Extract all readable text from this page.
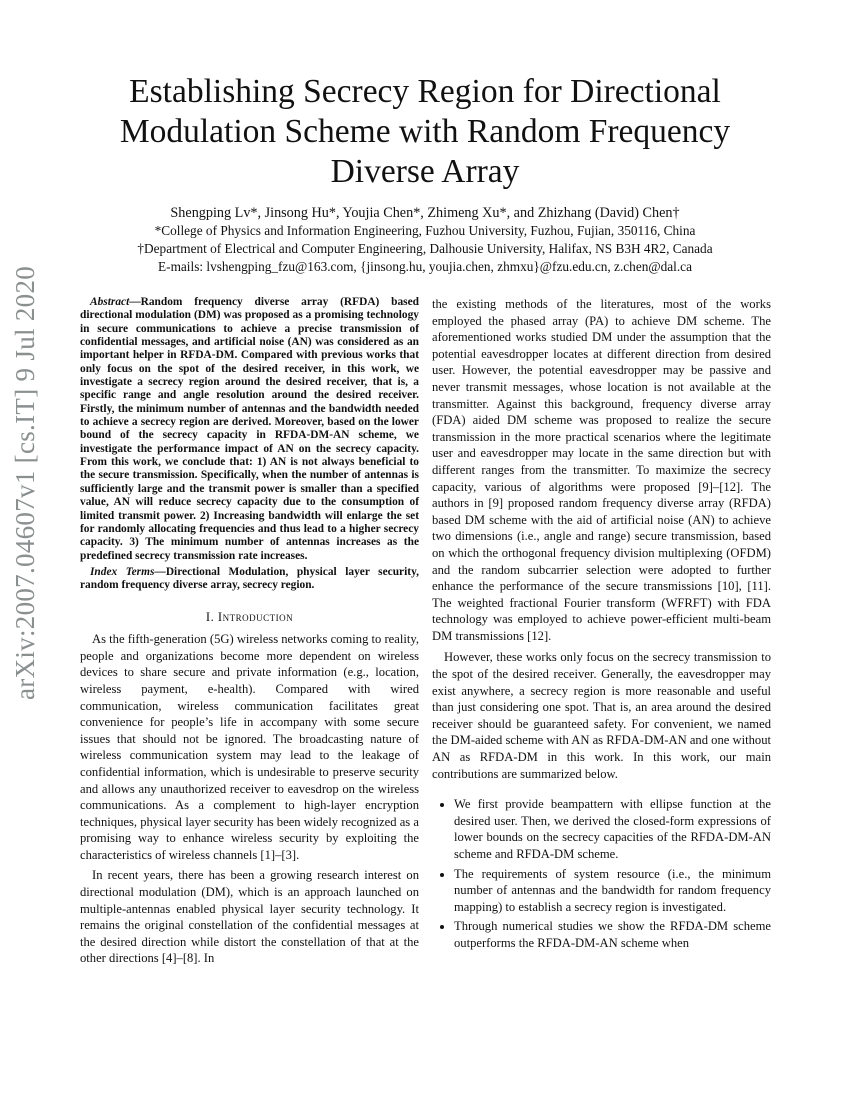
Establishing Secrecy Region for Directional Modulation Scheme with Random Frequency Diverse Array
Shengping Lv*, Jinsong Hu*, Youjia Chen*, Zhimeng Xu*, and Zhizhang (David) Chen†
*College of Physics and Information Engineering, Fuzhou University, Fuzhou, Fujian, 350116, China
†Department of Electrical and Computer Engineering, Dalhousie University, Halifax, NS B3H 4R2, Canada
E-mails: lvshengping_fzu@163.com, {jinsong.hu, youjia.chen, zhmxu}@fzu.edu.cn, z.chen@dal.ca
arXiv:2007.04607v1 [cs.IT] 9 Jul 2020	Abstract—Random frequency diverse array (RFDA) based directional modulation (DM) was proposed as a promising technology in secure communications to achieve a precise transmission of confidential messages, and artificial noise (AN) was considered as an important helper in RFDA-DM. Compared with previous works that only focus on the spot of the desired receiver, in this work, we investigate a secrecy region around the desired receiver, that is, a specific range and angle resolution around the desired receiver. Firstly, the minimum number of antennas and the bandwidth needed to achieve a secrecy region are derived. Moreover, based on the lower bound of the secrecy capacity in RFDA-DM-AN scheme, we investigate the performance impact of AN on the secrecy capacity. From this work, we conclude that: 1) AN is not always beneficial to the secure transmission. Specifically, when the number of antennas is sufficiently large and the transmit power is smaller than a specified value, AN will reduce secrecy capacity due to the consumption of limited transmit power. 2) Increasing bandwidth will enlarge the set for randomly allocating frequencies and thus lead to a higher secrecy capacity. 3) The minimum number of antennas increases as the predefined secrecy transmission rate increases.

Index Terms—Directional Modulation, physical layer security, random frequency diverse array, secrecy region.

I. Introduction

As the fifth-generation (5G) wireless networks coming to reality, people and organizations become more dependent on wireless devices to share secure and private information (e.g., location, wireless payment, e-health). Compared with wired communication, wireless communication facilitates great convenience for people’s life in accompany with some secure issues that should not be ignored. The broadcasting nature of wireless communication system may lead to the leakage of confidential information, which is undesirable to preserve security and allows any unauthorized receiver to eavesdrop on the wireless communications. As a complement to high-layer encryption techniques, physical layer security has been widely recognized as a promising way to enhance wireless security by exploiting the characteristics of wireless channels [1]–[3].

In recent years, there has been a growing research interest on directional modulation (DM), which is an approach launched on multiple-antennas enabled physical layer security technology. It remains the original constellation of the confidential messages at the desired direction while distort the constellation of that at the other directions [4]–[8]. In

the existing methods of the literatures, most of the works employed the phased array (PA) to achieve DM scheme. The aforementioned works studied DM under the assumption that the potential eavesdropper locates at different direction from desired user. However, the potential eavesdropper may be passive and never transmit messages, whose location is not available at the transmitter. Against this background, frequency diverse array (FDA) aided DM scheme was proposed to realize the secure transmission in the more practical scenarios where the legitimate user and eavesdropper may locate in the same direction but with different ranges from the transmitter. To maximize the secrecy capacity, various of algorithms were proposed [9]–[12]. The authors in [9] proposed random frequency diverse array (RFDA) based DM scheme with the aid of artificial noise (AN) to achieve two dimensions (i.e., angle and range) secure transmission, based on which the orthogonal frequency division multiplexing (OFDM) and the random subcarrier selection were adopted to further enhance the performance of the secure transmissions [10], [11]. The weighted fractional Fourier transform (WFRFT) with FDA technology was employed to achieve power-efficient multi-beam DM transmissions [12].

However, these works only focus on the secrecy transmission to the spot of the desired receiver. Generally, the eavesdropper may exist anywhere, a secrecy region is more reasonable and useful than just considering one spot. That is, an area around the desired receiver should be guaranteed safety. For convenient, we named the DM-aided scheme with AN as RFDA-DM-AN and one without AN as RFDA-DM in this work. In this work, our main contributions are summarized below.

• We first provide beampattern with ellipse function at the desired user. Then, we derived the closed-form expressions of lower bounds on the secrecy capacities of the RFDA-DM-AN scheme and RFDA-DM scheme.
• The requirements of system resource (i.e., the minimum number of antennas and the bandwidth for random frequency mapping) to establish a secrecy region is investigated.
• Through numerical studies we show the RFDA-DM scheme outperforms the RFDA-DM-AN scheme when
